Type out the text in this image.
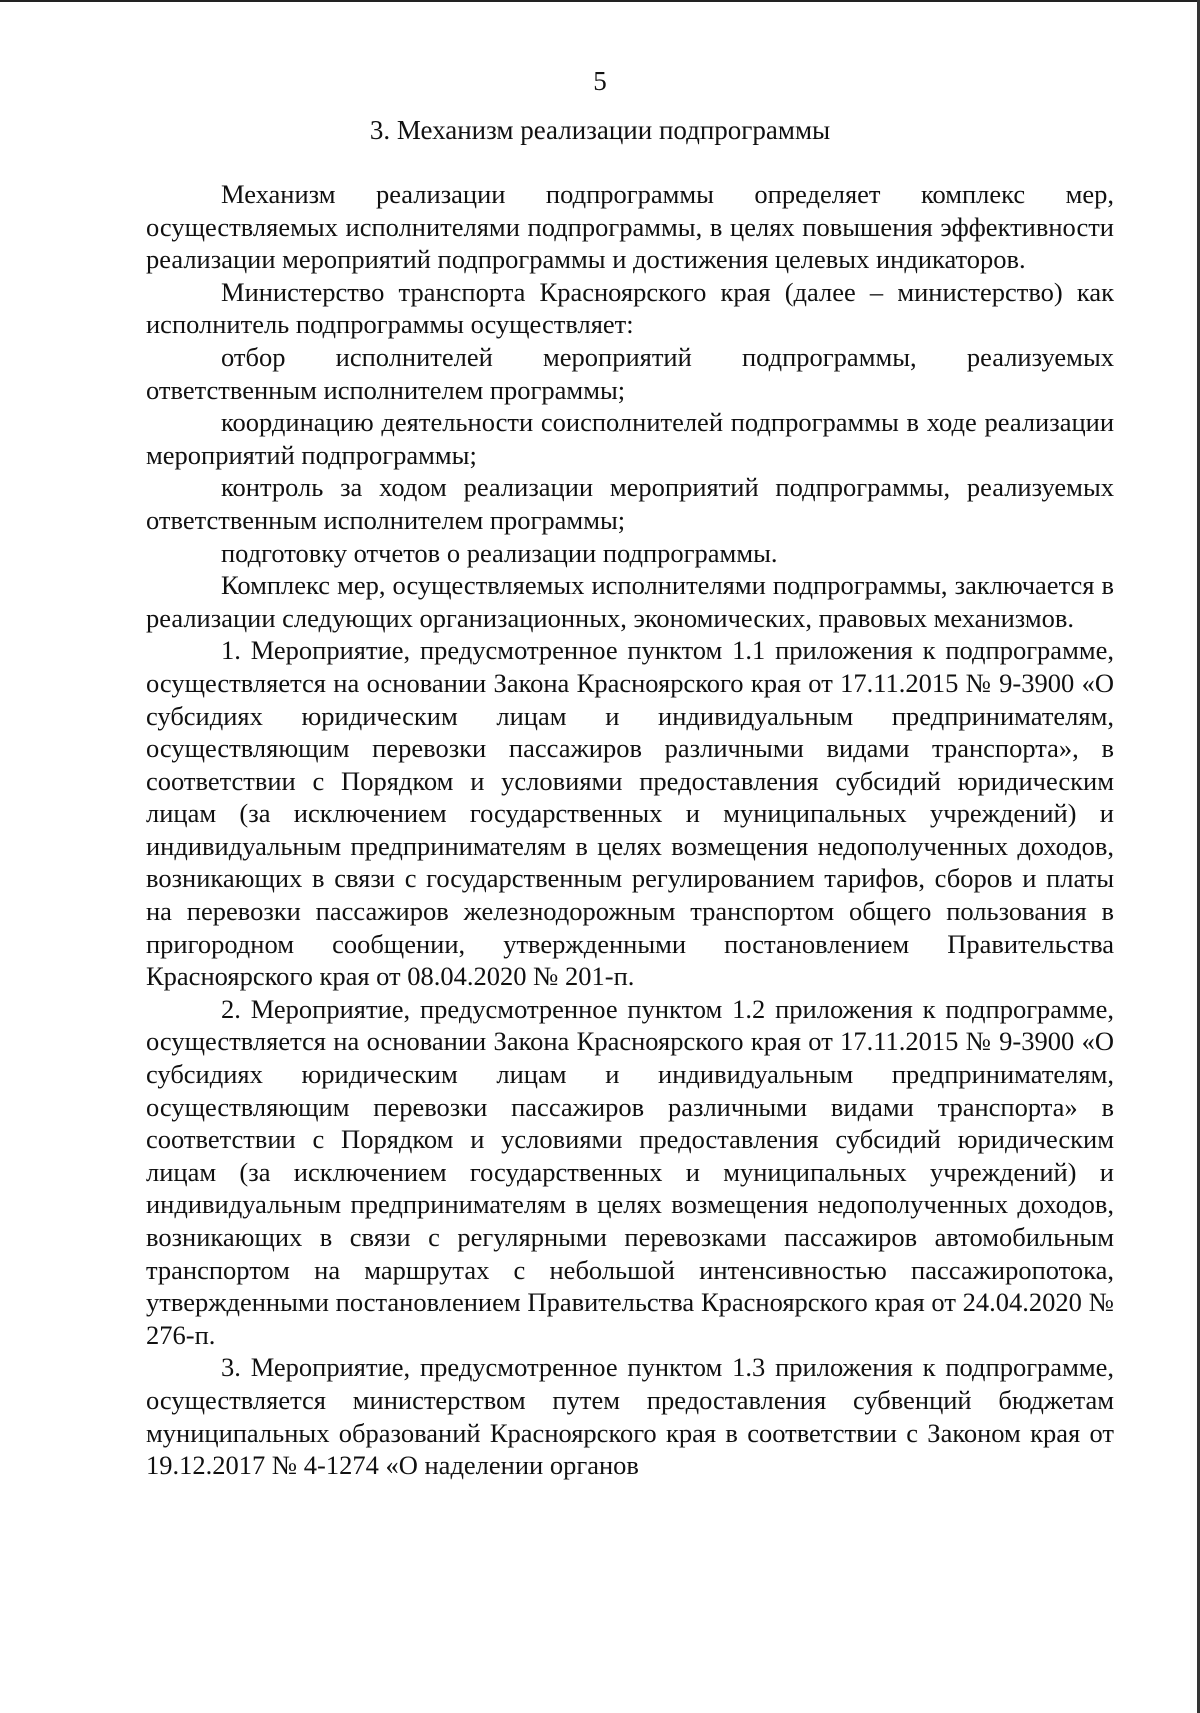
5
3. Механизм реализации подпрограммы

Механизм реализации подпрограммы определяет комплекс мер, осуществляемых исполнителями подпрограммы, в целях повышения эффективности реализации мероприятий подпрограммы и достижения целевых индикаторов.

Министерство транспорта Красноярского края (далее – министерство) как исполнитель подпрограммы осуществляет:

отбор исполнителей мероприятий подпрограммы, реализуемых ответственным исполнителем программы;

координацию деятельности соисполнителей подпрограммы в ходе реализации мероприятий подпрограммы;

контроль за ходом реализации мероприятий подпрограммы, реализуемых ответственным исполнителем программы;

подготовку отчетов о реализации подпрограммы.

Комплекс мер, осуществляемых исполнителями подпрограммы, заключается в реализации следующих организационных, экономических, правовых механизмов.

1. Мероприятие, предусмотренное пунктом 1.1 приложения к подпрограмме, осуществляется на основании Закона Красноярского края от 17.11.2015 № 9-3900 «О субсидиях юридическим лицам и индивидуальным предпринимателям, осуществляющим перевозки пассажиров различными видами транспорта», в соответствии с Порядком и условиями предоставления субсидий юридическим лицам (за исключением государственных и муниципальных учреждений) и индивидуальным предпринимателям в целях возмещения недополученных доходов, возникающих в связи с государственным регулированием тарифов, сборов и платы на перевозки пассажиров железнодорожным транспортом общего пользования в пригородном сообщении, утвержденными постановлением Правительства Красноярского края от 08.04.2020 № 201-п.

2. Мероприятие, предусмотренное пунктом 1.2 приложения к подпрограмме, осуществляется на основании Закона Красноярского края от 17.11.2015 № 9-3900 «О субсидиях юридическим лицам и индивидуальным предпринимателям, осуществляющим перевозки пассажиров различными видами транспорта» в соответствии с Порядком и условиями предоставления субсидий юридическим лицам (за исключением государственных и муниципальных учреждений) и индивидуальным предпринимателям в целях возмещения недополученных доходов, возникающих в связи с регулярными перевозками пассажиров автомобильным транспортом на маршрутах с небольшой интенсивностью пассажиропотока, утвержденными постановлением Правительства Красноярского края от 24.04.2020 № 276-п.

3. Мероприятие, предусмотренное пунктом 1.3 приложения к подпрограмме, осуществляется министерством путем предоставления субвенций бюджетам муниципальных образований Красноярского края в соответствии с Законом края от 19.12.2017 № 4-1274 «О наделении органов
